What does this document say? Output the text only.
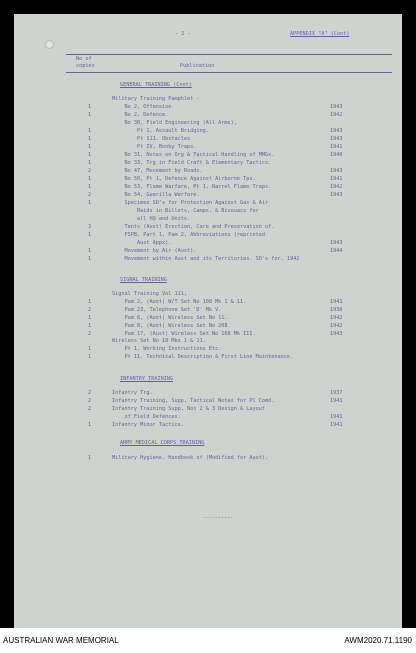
- 2 -	APPENDIX "A" (Cont)
No of
copies	Publication
GENERAL TRAINING (Cont)
Military Training Pamphlet -
1	No 2, Offensive.	1943
1	No 2, Defence.	1942
No 30, Field Engineering (All Arms),
1	Pt 1, Assault Bridging.	1943
1	Pt 111, Obstacles	1943
1	Pt IV, Booby Traps.	1941
1	No 31, Notes on Org & Tactical Handling of MMGs.	1940
1	No 33, Trg in Field Craft & Elementary Tactics.
2	No 47, Movement by Roads.	1943
1	No 50, Pt 1, Defence Against Airborne Tps.	1941
1	No 53, Flame Warfare, Pt 1, Barrel Flame Traps.	1942
2	No 54, Guerilla Warfare.	1943
1	Specimen SO's for Protection Against Gas & Air
Raids in Billets, Camps, & Bivouacs for
all HQ and Units.
3	Tents (Aust) Erection, Care and Preservation of.
1	FSPB, Part 1, Pam 2, Abbreviations (reprinted
Aust Appx).	1943
1	Movement by Air (Aust).	1944
1	Movement within Aust and its Territories. SO's for. 1942
SIGNAL TRAINING
Signal Training Vol 111,
1	Pam 2, (Aust) W/T Set No 108 Mk 1 & 11.	1941
2	Pam 23, Telephone Set 'D' Mk V.	1936
1	Pam 6, (Aust) Wireless Set No 11.	1942
1	Pam 8, (Aust) Wireless Set No 208.	1942
2	Pam 17, (Aust) Wireless Set No 108 Mk III.	1943
Wireless Set No 18 Mks 1 & 11.
1	Pt 1, Working Instructions Etc.
1	Pt 11, Technical Description & First Line Maintenance.
INFANTRY TRAINING
2	Infantry Trg.	1937
2	Infantry Training, Supp, Tactical Notes for Pl Comd.	1941
2	Infantry Training Supp, Nos 2 & 3 Design & Layout
of Field Defences.	1941
1	Infantry Minor Tactics.	1941
ARMY MEDICAL CORPS TRAINING
1	Military Hygiene, Handbook of (Modified for Aust).
----------
AUSTRALIAN WAR MEMORIAL	AWM2020.71.1190
